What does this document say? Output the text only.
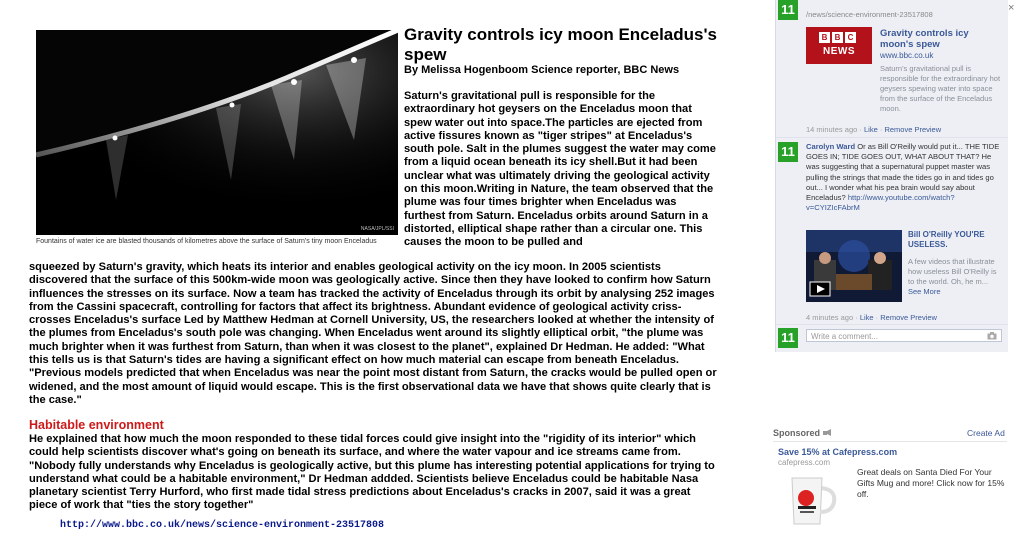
NASA/JPL/SSI
Fountains of water ice are blasted thousands of kilometres above the surface of Saturn's tiny moon Enceladus
Gravity controls icy moon Enceladus's spew
By Melissa Hogenboom Science reporter, BBC News

Saturn's gravitational pull is responsible for the extraordinary hot geysers on the Enceladus moon that spew water out into space.The particles are ejected from active fissures known as "tiger stripes" at Enceladus's south pole. Salt in the plumes suggest the water may come from a liquid ocean beneath its icy shell.But it had been unclear what was ultimately driving the geological activity on this moon.Writing in Nature, the team observed that the plume was four times brighter when Enceladus was furthest from Saturn. Enceladus orbits around Saturn in a distorted, elliptical shape rather than a circular one. This causes the moon to be pulled and

squeezed by Saturn's gravity, which heats its interior and enables geological activity on the icy moon. In 2005 scientists discovered that the surface of this 500km-wide moon was geologically active. Since then they have looked to confirm how Saturn influences the stresses on its surface. Now a team has tracked the activity of Enceladus through its orbit by analysing 252 images from the Cassini spacecraft, controlling for factors that affect its brightness. Abundant evidence of geological activity criss-crosses Enceladus's surface Led by Matthew Hedman at Cornell University, US, the researchers looked at whether the intensity of the plumes from Enceladus's south pole was changing. When Enceladus went around its slightly elliptical orbit, "the plume was much brighter when it was furthest from Saturn, than when it was closest to the planet", explained Dr Hedman. He added: "What this tells us is that Saturn's tides are having a significant effect on how much material can escape from beneath Enceladus. "Previous models predicted that when Enceladus was near the point most distant from Saturn, the cracks would be pulled open or widened, and the most amount of liquid would escape. This is the first observational data we have that shows quite clearly that is the case."

Habitable environment

He explained that how much the moon responded to these tidal forces could give insight into the "rigidity of its interior" which could help scientists discover what's going on beneath its surface, and where the water vapour and ice streams came from. "Nobody fully understands why Enceladus is geologically active, but this plume has interesting potential applications for trying to understand what could be a habitable environment," Dr Hedman addded. Scientists believe Enceladus could be habitable Nasa planetary scientist Terry Hurford, who first made tidal stress predictions about Enceladus's cracks in 2007, said it was a great piece of work that "ties the story together"

http://www.bbc.co.uk/news/science-environment-23517808
11	/news/science-environment-23517808
B B C
NEWS
Gravity controls icy moon's spew
www.bbc.co.uk
Saturn's gravitational pull is responsible for the extraordinary hot geysers spewing water into space from the surface of the Enceladus moon.
14 minutes ago · Like · Remove Preview
11	Carolyn Ward Or as Bill O'Reilly would put it... THE TIDE GOES IN; TIDE GOES OUT, WHAT ABOUT THAT? He was suggesting that a supernatural puppet master was pulling the strings that made the tides go in and tides go out... I wonder what his pea brain would say about Enceladus? http://www.youtube.com/watch?v=CYIZIcFAbrM
Bill O'Reilly YOU'RE USELESS.
A few videos that illustrate how useless Bill O'Reilly is to the world. Oh, he m... See More
4 minutes ago · Like · Remove Preview
11	Write a comment...
×
Sponsored	Create Ad
Save 15% at Cafepress.com
cafepress.com
Great deals on Santa Died For Your Gifts Mug and more! Click now for 15% off.
